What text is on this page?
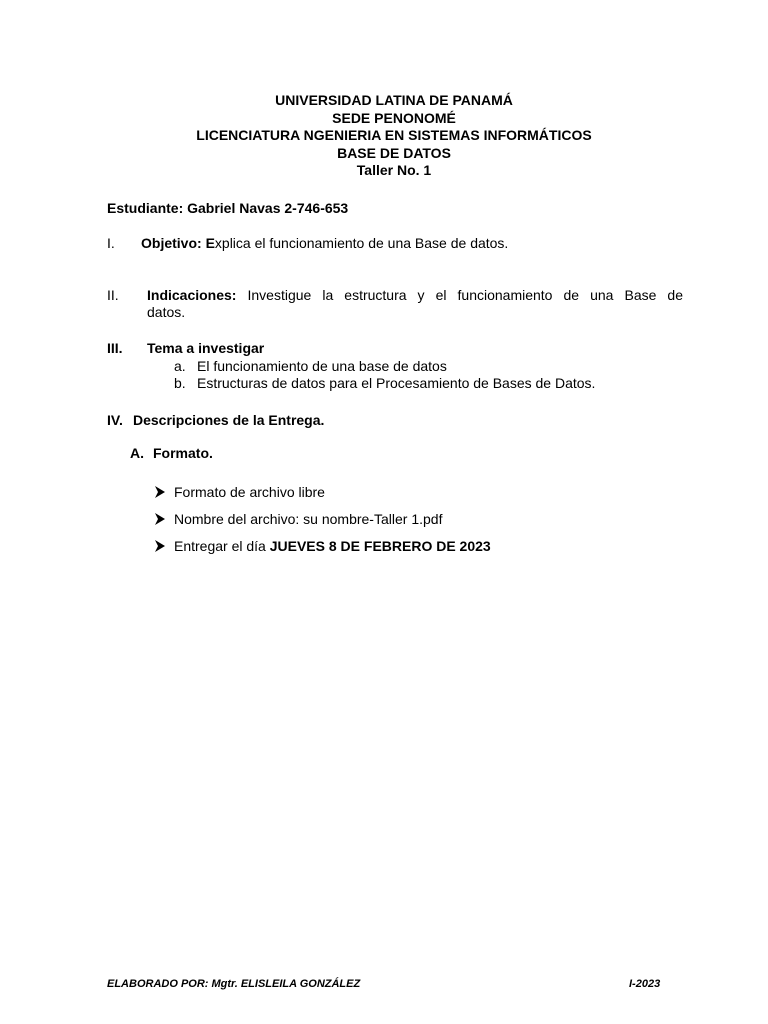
UNIVERSIDAD LATINA DE PANAMÁ
SEDE PENONOMÉ
LICENCIATURA NGENIERIA EN SISTEMAS INFORMÁTICOS
BASE DE DATOS
Taller No. 1
Estudiante: Gabriel Navas 2-746-653
I. Objetivo: Explica el funcionamiento de una Base de datos.
II. Indicaciones: Investigue la estructura y el funcionamiento de una Base de
datos.
III. Tema a investigar
a. El funcionamiento de una base de datos
b. Estructuras de datos para el Procesamiento de Bases de Datos.
IV. Descripciones de la Entrega.
A. Formato.
Formato de archivo libre
Nombre del archivo: su nombre-Taller 1.pdf
Entregar el día JUEVES 8 DE FEBRERO DE 2023
ELABORADO POR: Mgtr. ELISLEILA GONZÁLEZ	I-2023
